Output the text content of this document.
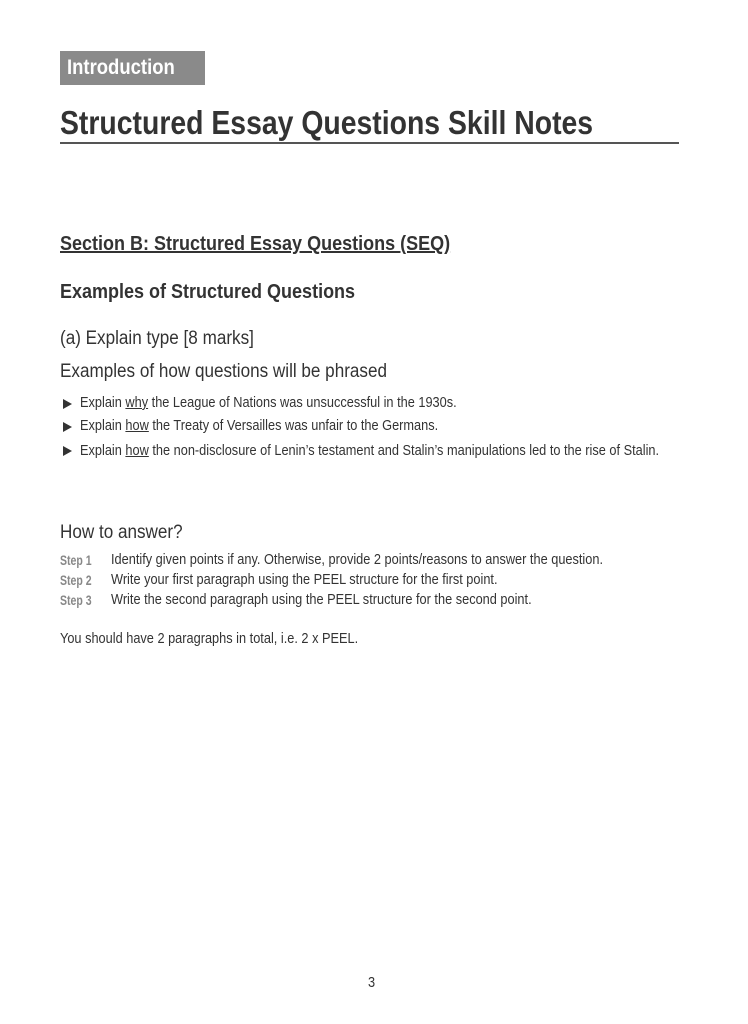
Introduction
Structured Essay Questions Skill Notes
Section B: Structured Essay Questions (SEQ)
Examples of Structured Questions
(a) Explain type [8 marks]
Examples of how questions will be phrased
Explain why the League of Nations was unsuccessful in the 1930s.
Explain how the Treaty of Versailles was unfair to the Germans.
Explain how the non-disclosure of Lenin’s testament and Stalin’s manipulations led to the rise of Stalin.
How to answer?
Step 1 Identify given points if any. Otherwise, provide 2 points/reasons to answer the question.
Step 2 Write your first paragraph using the PEEL structure for the first point.
Step 3 Write the second paragraph using the PEEL structure for the second point.
You should have 2 paragraphs in total, i.e. 2 x PEEL.
3
